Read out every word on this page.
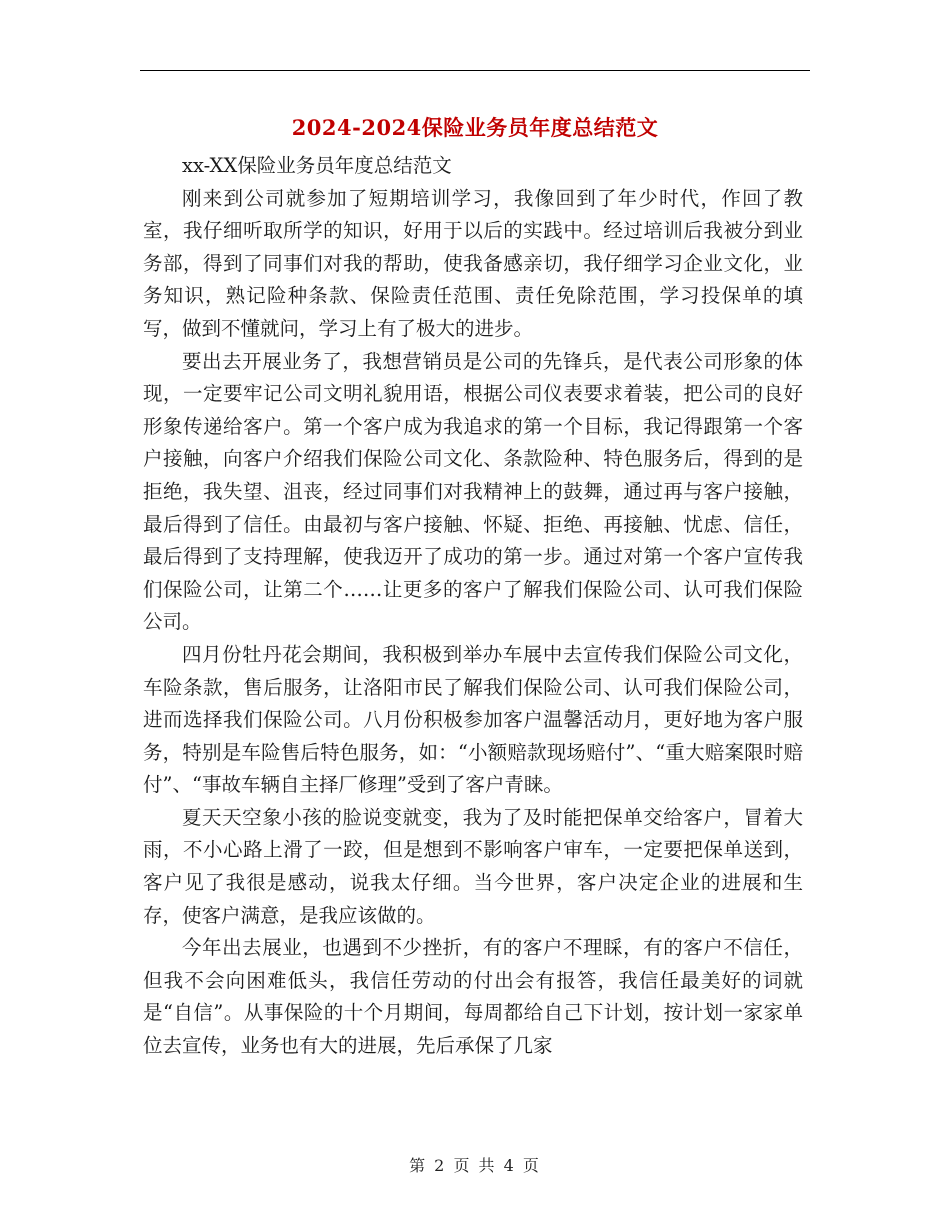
2024-2024保险业务员年度总结范文

xx-XX保险业务员年度总结范文

刚来到公司就参加了短期培训学习，我像回到了年少时代，作回了教室，我仔细听取所学的知识，好用于以后的实践中。经过培训后我被分到业务部，得到了同事们对我的帮助，使我备感亲切，我仔细学习企业文化，业务知识，熟记险种条款、保险责任范围、责任免除范围，学习投保单的填写，做到不懂就问，学习上有了极大的进步。

要出去开展业务了，我想营销员是公司的先锋兵，是代表公司形象的体现，一定要牢记公司文明礼貌用语，根据公司仪表要求着装，把公司的良好形象传递给客户。第一个客户成为我追求的第一个目标，我记得跟第一个客户接触，向客户介绍我们保险公司文化、条款险种、特色服务后，得到的是拒绝，我失望、沮丧，经过同事们对我精神上的鼓舞，通过再与客户接触，最后得到了信任。由最初与客户接触、怀疑、拒绝、再接触、忧虑、信任，最后得到了支持理解，使我迈开了成功的第一步。通过对第一个客户宣传我们保险公司，让第二个……让更多的客户了解我们保险公司、认可我们保险公司。

四月份牡丹花会期间，我积极到举办车展中去宣传我们保险公司文化，车险条款，售后服务，让洛阳市民了解我们保险公司、认可我们保险公司，进而选择我们保险公司。八月份积极参加客户温馨活动月，更好地为客户服务，特别是车险售后特色服务，如：“小额赔款现场赔付”、“重大赔案限时赔付”、“事故车辆自主择厂修理”受到了客户青睐。

夏天天空象小孩的脸说变就变，我为了及时能把保单交给客户，冒着大雨，不小心路上滑了一跤，但是想到不影响客户审车，一定要把保单送到，客户见了我很是感动，说我太仔细。当今世界，客户决定企业的进展和生存，使客户满意，是我应该做的。

今年出去展业，也遇到不少挫折，有的客户不理睬，有的客户不信任，但我不会向困难低头，我信任劳动的付出会有报答，我信任最美好的词就是“自信”。从事保险的十个月期间，每周都给自己下计划，按计划一家家单位去宣传，业务也有大的进展，先后承保了几家

第 2 页 共 4 页
